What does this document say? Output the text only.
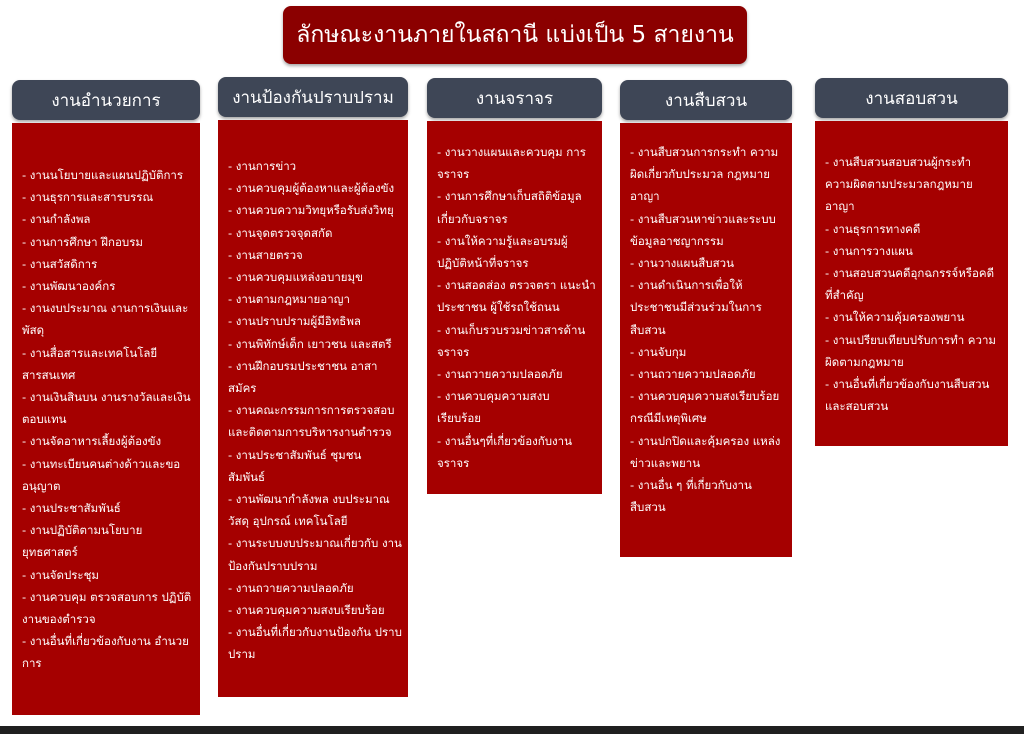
ลักษณะงานภายในสถานี แบ่งเป็น 5 สายงาน
งานอำนวยการ
- งานนโยบายและแผนปฏิบัติการ
- งานธุรการและสารบรรณ
- งานกำลังพล
- งานการศึกษา ฝึกอบรม
- งานสวัสดิการ
- งานพัฒนาองค์กร
- งานงบประมาณ งานการเงินและ พัสดุ
- งานสื่อสารและเทคโนโลยี สารสนเทศ
- งานเงินสินบน งานรางวัลและเงิน ตอบแทน
- งานจัดอาหารเลี้ยงผู้ต้องขัง
- งานทะเบียนคนต่างด้าวและขอ อนุญาต
- งานประชาสัมพันธ์
- งานปฏิบัติตามนโยบาย ยุทธศาสตร์
- งานจัดประชุม
- งานควบคุม ตรวจสอบการ ปฏิบัติงานของตำรวจ
- งานอื่นที่เกี่ยวข้องกับงาน อำนวยการ
งานป้องกันปราบปราม
- งานการข่าว
- งานควบคุมผู้ต้องหาและผู้ต้องขัง
- งานควบความวิทยุหรือรับส่งวิทยุ
- งานจุดตรวจจุดสกัด
- งานสายตรวจ
- งานควบคุมแหล่งอบายมุข
- งานตามกฎหมายอาญา
- งานปราบปรามผู้มีอิทธิพล
- งานพิทักษ์เด็ก เยาวชน และสตรี
- งานฝึกอบรมประชาชน อาสาสมัคร
- งานคณะกรรมการการตรวจสอบ และติดตามการบริหารงานตำรวจ
- งานประชาสัมพันธ์ ชุมชน สัมพันธ์
- งานพัฒนากำลังพล งบประมาณ วัสดุ อุปกรณ์ เทคโนโลยี
- งานระบบงบประมาณเกี่ยวกับ งานป้องกันปราบปราม
- งานถวายความปลอดภัย
- งานควบคุมความสงบเรียบร้อย
- งานอื่นที่เกี่ยวกับงานป้องกัน ปราบปราม
งานจราจร
- งานวางแผนและควบคุม การจราจร
- งานการศึกษาเก็บสถิติข้อมูล เกี่ยวกับจราจร
- งานให้ความรู้และอบรมผู้ ปฏิบัติหน้าที่จราจร
- งานสอดส่อง ตรวจตรา แนะนำประชาชน ผู้ใช้รถใช้ถนน
- งานเก็บรวบรวมข่าวสารด้าน จราจร
- งานถวายความปลอดภัย
- งานควบคุมความสงบ เรียบร้อย
- งานอื่นๆที่เกี่ยวข้องกับงาน จราจร
งานสืบสวน
- งานสืบสวนการกระทำ ความผิดเกี่ยวกับประมวล กฎหมายอาญา
- งานสืบสวนหาข่าวและระบบ ข้อมูลอาชญากรรม
- งานวางแผนสืบสวน
- งานดำเนินการเพื่อให้ ประชาชนมีส่วนร่วมในการ สืบสวน
- งานจับกุม
- งานถวายความปลอดภัย
- งานควบคุมความสงเรียบร้อย กรณีมีเหตุพิเศษ
- งานปกปิดและคุ้มครอง แหล่งข่าวและพยาน
- งานอื่น ๆ ที่เกี่ยวกับงาน สืบสวน
งานสอบสวน
- งานสืบสวนสอบสวนผู้กระทำ ความผิดตามประมวลกฎหมาย อาญา
- งานธุรการทางคดี
- งานการวางแผน
- งานสอบสวนคดีอุกฉกรรจ์หรือคดี ที่สำคัญ
- งานให้ความคุ้มครองพยาน
- งานเปรียบเทียบปรับการทำ ความผิดตามกฎหมาย
- งานอื่นที่เกี่ยวข้องกับงานสืบสวน และสอบสวน
